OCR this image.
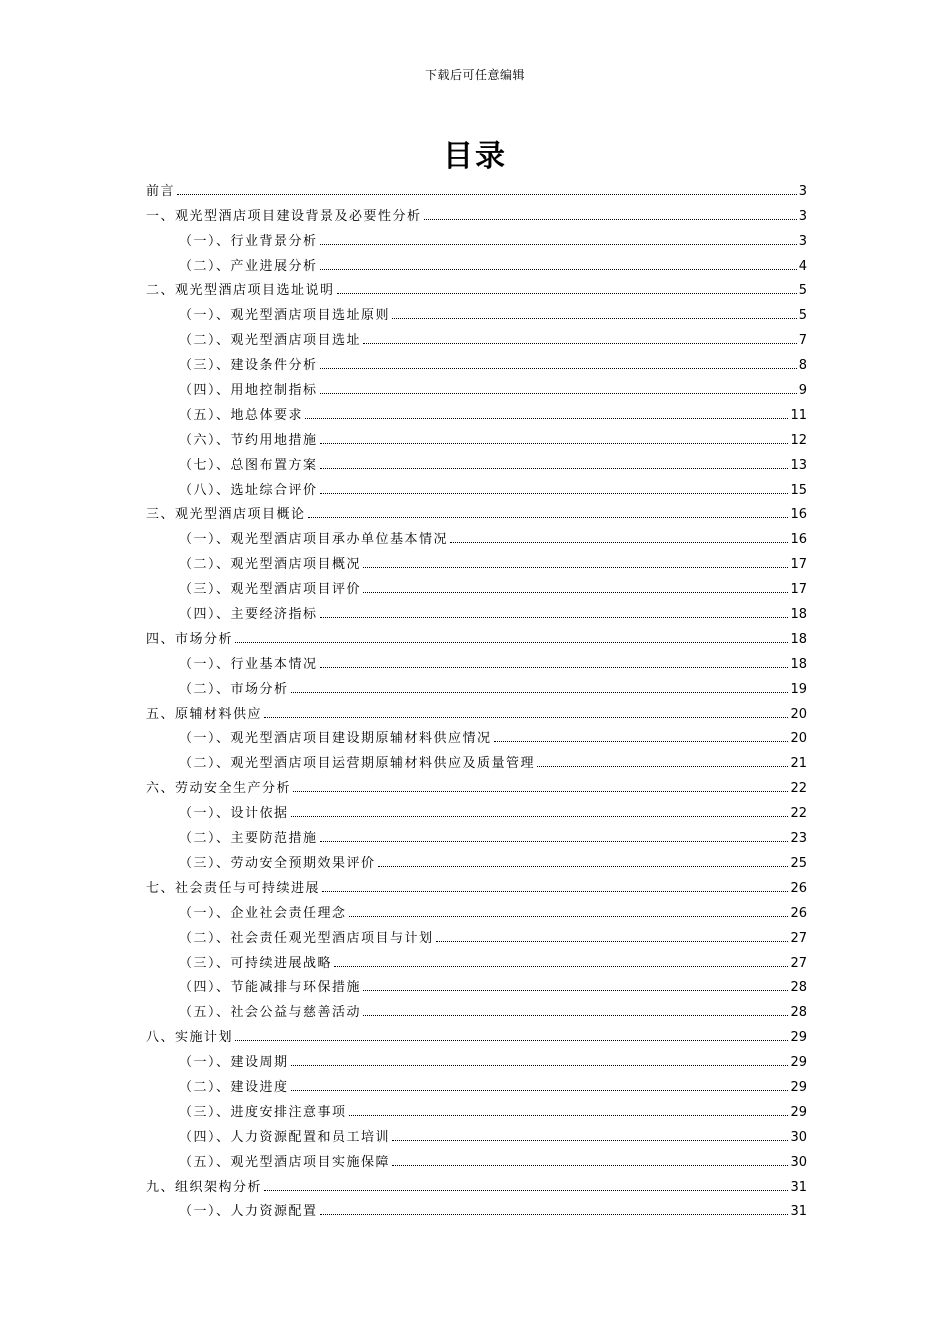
下载后可任意编辑
目录
前言	3
一、观光型酒店项目建设背景及必要性分析	3
（一）、行业背景分析	3
（二）、产业进展分析	4
二、观光型酒店项目选址说明	5
（一）、观光型酒店项目选址原则	5
（二）、观光型酒店项目选址	7
（三）、建设条件分析	8
（四）、用地控制指标	9
（五）、地总体要求	11
（六）、节约用地措施	12
（七）、总图布置方案	13
（八）、选址综合评价	15
三、观光型酒店项目概论	16
（一）、观光型酒店项目承办单位基本情况	16
（二）、观光型酒店项目概况	17
（三）、观光型酒店项目评价	17
（四）、主要经济指标	18
四、市场分析	18
（一）、行业基本情况	18
（二）、市场分析	19
五、原辅材料供应	20
（一）、观光型酒店项目建设期原辅材料供应情况	20
（二）、观光型酒店项目运营期原辅材料供应及质量管理	21
六、劳动安全生产分析	22
（一）、设计依据	22
（二）、主要防范措施	23
（三）、劳动安全预期效果评价	25
七、社会责任与可持续进展	26
（一）、企业社会责任理念	26
（二）、社会责任观光型酒店项目与计划	27
（三）、可持续进展战略	27
（四）、节能减排与环保措施	28
（五）、社会公益与慈善活动	28
八、实施计划	29
（一）、建设周期	29
（二）、建设进度	29
（三）、进度安排注意事项	29
（四）、人力资源配置和员工培训	30
（五）、观光型酒店项目实施保障	30
九、组织架构分析	31
（一）、人力资源配置	31
